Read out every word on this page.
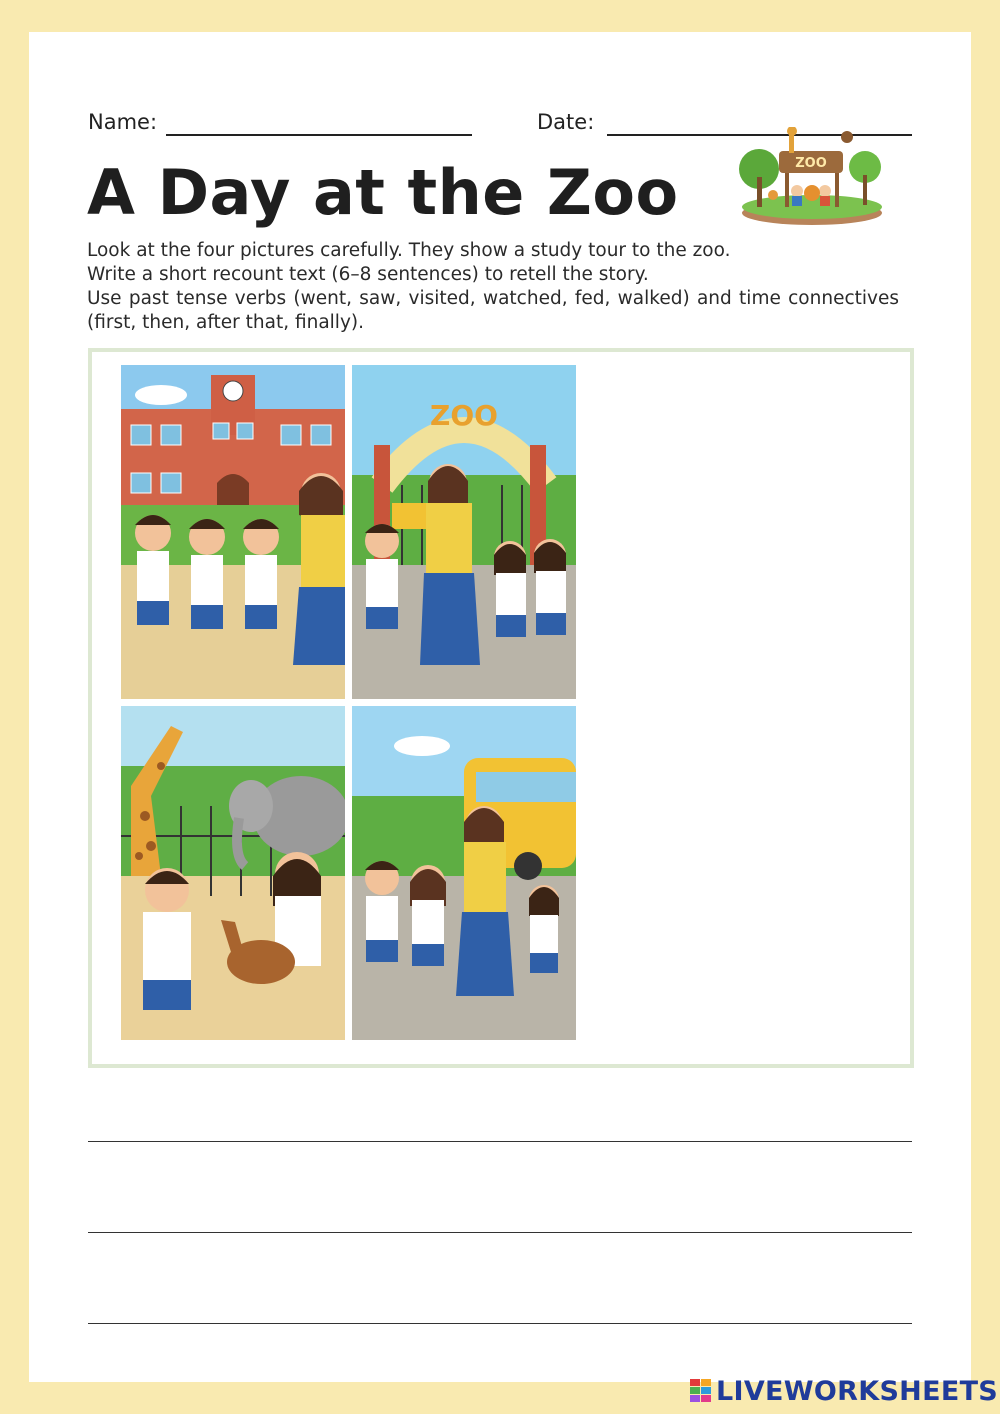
Name:	Date:
A Day at the Zoo	ZOO
Look at the four pictures carefully. They show a study tour to the zoo.
Write a short recount text (6–8 sentences) to retell the story.
Use past tense verbs (went, saw, visited, watched, fed, walked) and time connectives (first, then, after that, finally).
ZOO
LIVEWORKSHEETS
